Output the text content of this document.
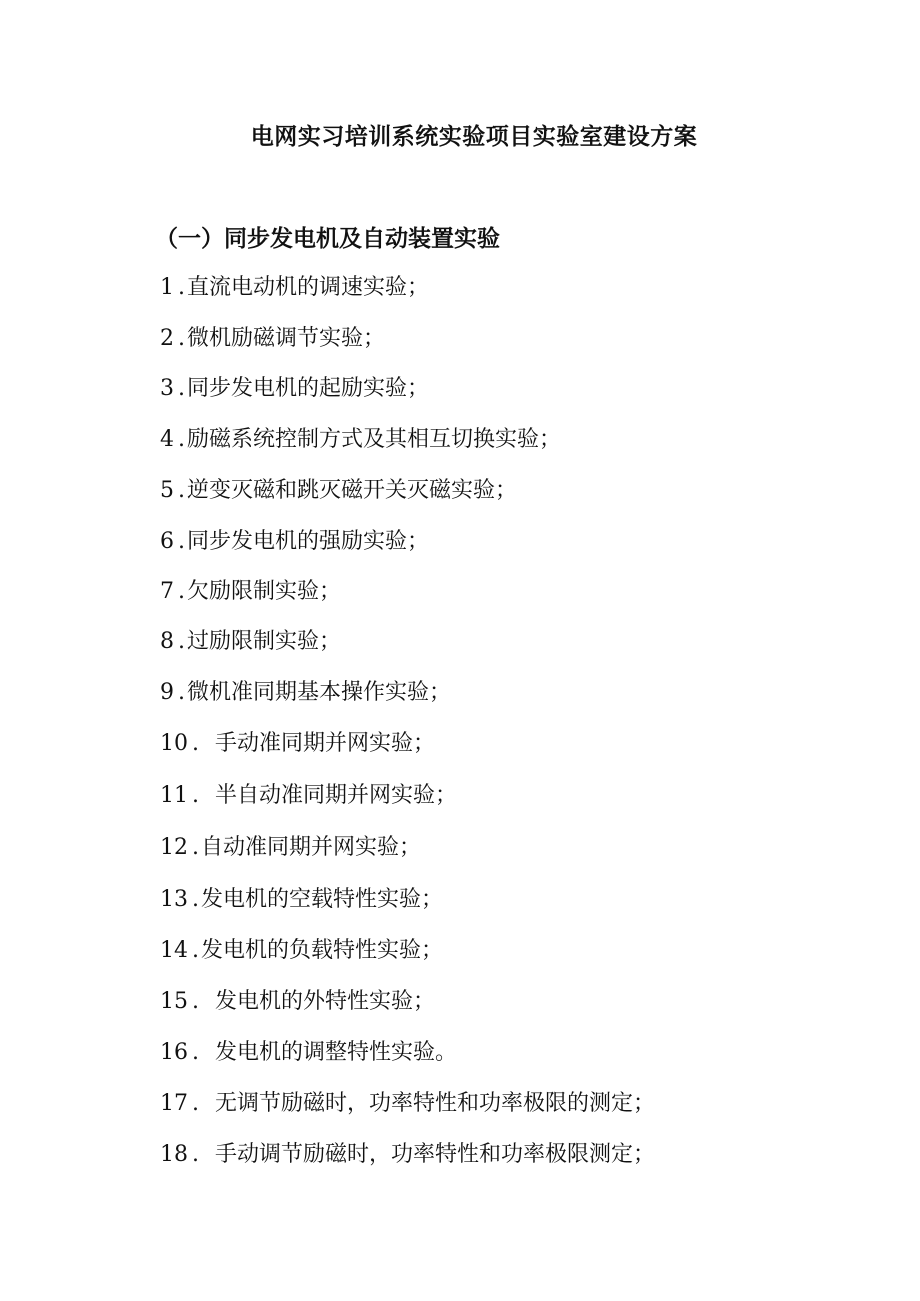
电网实习培训系统实验项目实验室建设方案
（一）同步发电机及自动装置实验
1 .直流电动机的调速实验；
2 .微机励磁调节实验；
3 .同步发电机的起励实验；
4 .励磁系统控制方式及其相互切换实验；
5 .逆变灭磁和跳灭磁开关灭磁实验；
6 .同步发电机的强励实验；
7 .欠励限制实验；
8 .过励限制实验；
9 .微机准同期基本操作实验；
10 . 手动准同期并网实验；
11 . 半自动准同期并网实验；
12 .自动准同期并网实验；
13 .发电机的空载特性实验；
14 .发电机的负载特性实验；
15 . 发电机的外特性实验；
16 . 发电机的调整特性实验。
17 . 无调节励磁时，功率特性和功率极限的测定；
18 . 手动调节励磁时，功率特性和功率极限测定；
